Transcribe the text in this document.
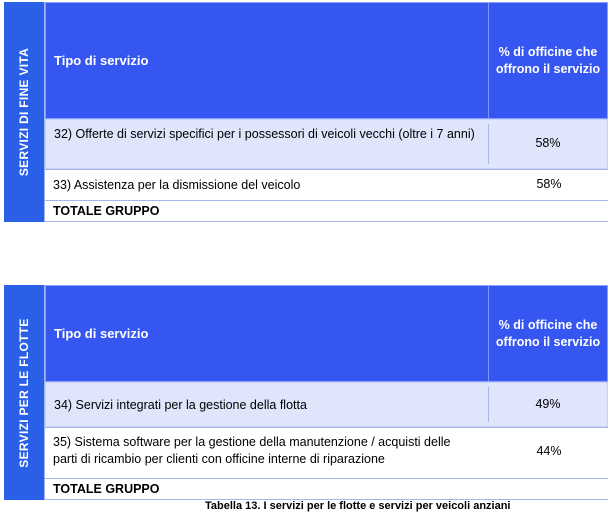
SERVIZI DI FINE VITA Tipo di servizio
% di officine che offrono il servizio
32) Offerte di servizi specifici per i possessori di veicoli vecchi (oltre i 7 anni)
58%
33) Assistenza per la dismissione del veicolo	58%
TOTALE GRUPPO
SERVIZI PER LE FLOTTE Tipo di servizio
% di officine che offrono il servizio
34) Servizi integrati per la gestione della flotta	49%
35) Sistema software per la gestione della manutenzione / acquisti delle parti di ricambio per clienti con officine interne di riparazione
44%
TOTALE GRUPPO
Tabella 13. I servizi per le flotte e servizi per veicoli anziani
